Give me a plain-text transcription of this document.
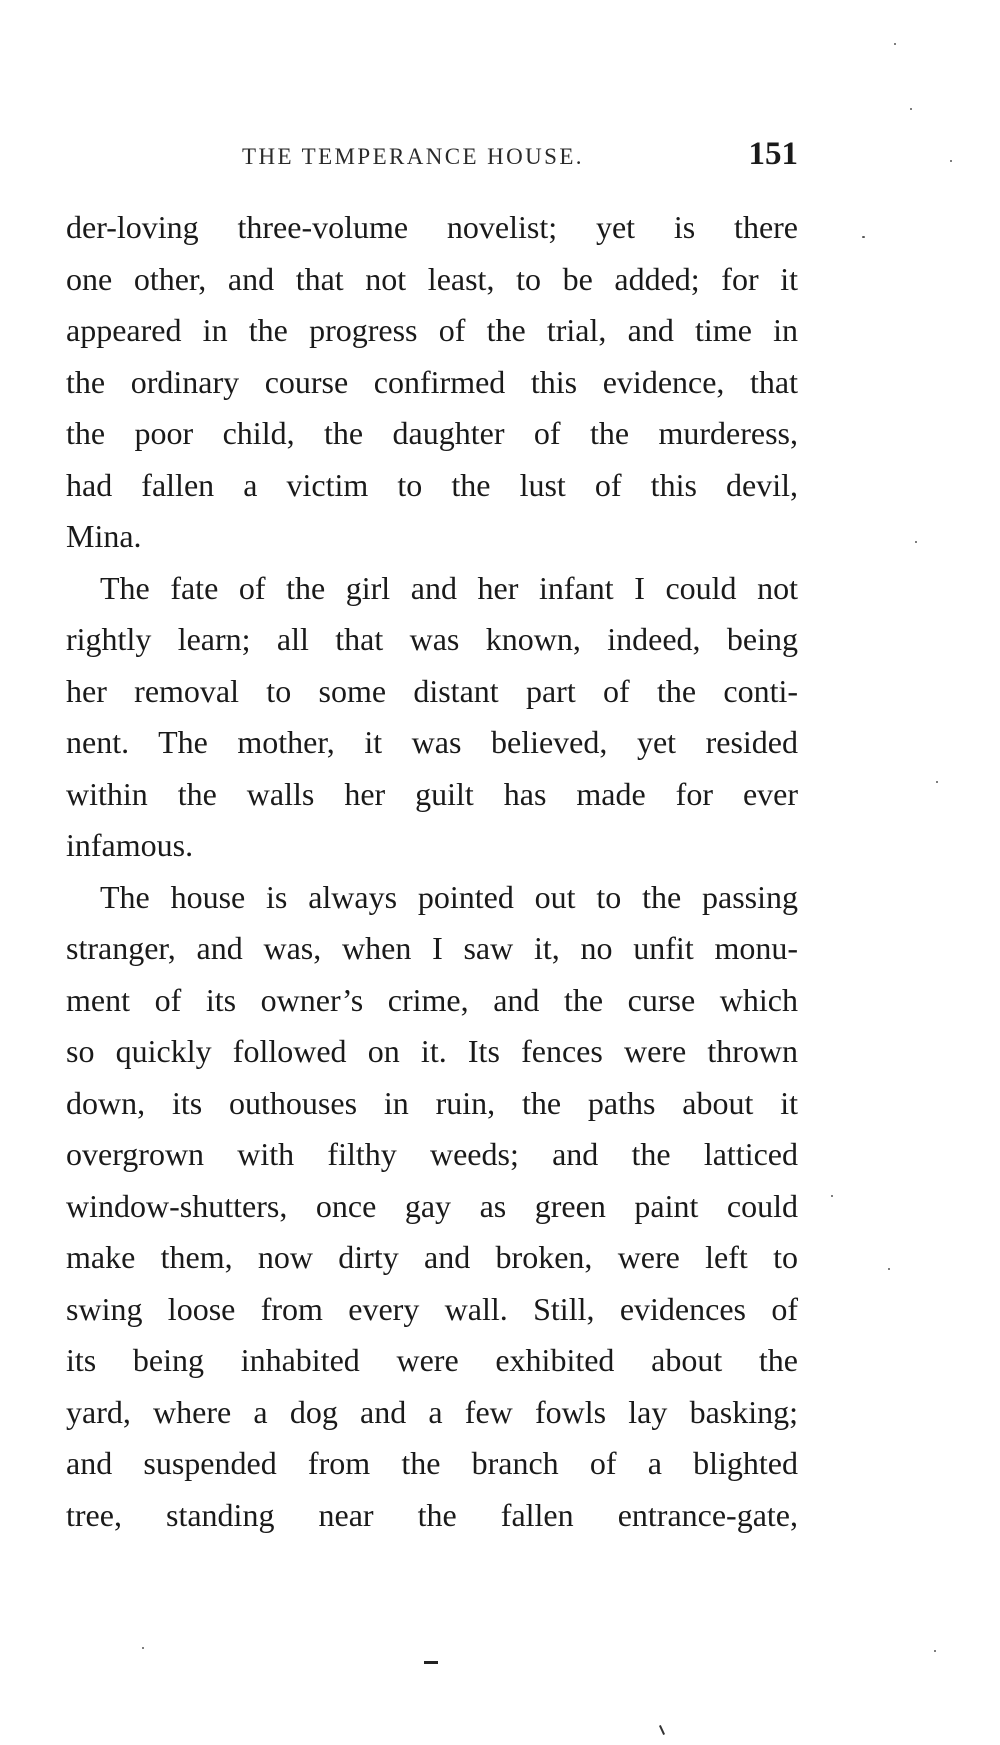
THE TEMPERANCE HOUSE.	151
der-loving three-volume novelist; yet is there
one other, and that not least, to be added; for it
appeared in the progress of the trial, and time in
the ordinary course confirmed this evidence, that
the poor child, the daughter of the murderess,
had fallen a victim to the lust of this devil,
Mina.
The fate of the girl and her infant I could not
rightly learn; all that was known, indeed, being
her removal to some distant part of the conti-
nent. The mother, it was believed, yet resided
within the walls her guilt has made for ever
infamous.
The house is always pointed out to the passing
stranger, and was, when I saw it, no unfit monu-
ment of its owner’s crime, and the curse which
so quickly followed on it. Its fences were thrown
down, its outhouses in ruin, the paths about it
overgrown with filthy weeds; and the latticed
window-shutters, once gay as green paint could
make them, now dirty and broken, were left to
swing loose from every wall. Still, evidences of
its being inhabited were exhibited about the
yard, where a dog and a few fowls lay basking;
and suspended from the branch of a blighted
tree, standing near the fallen entrance-gate,
